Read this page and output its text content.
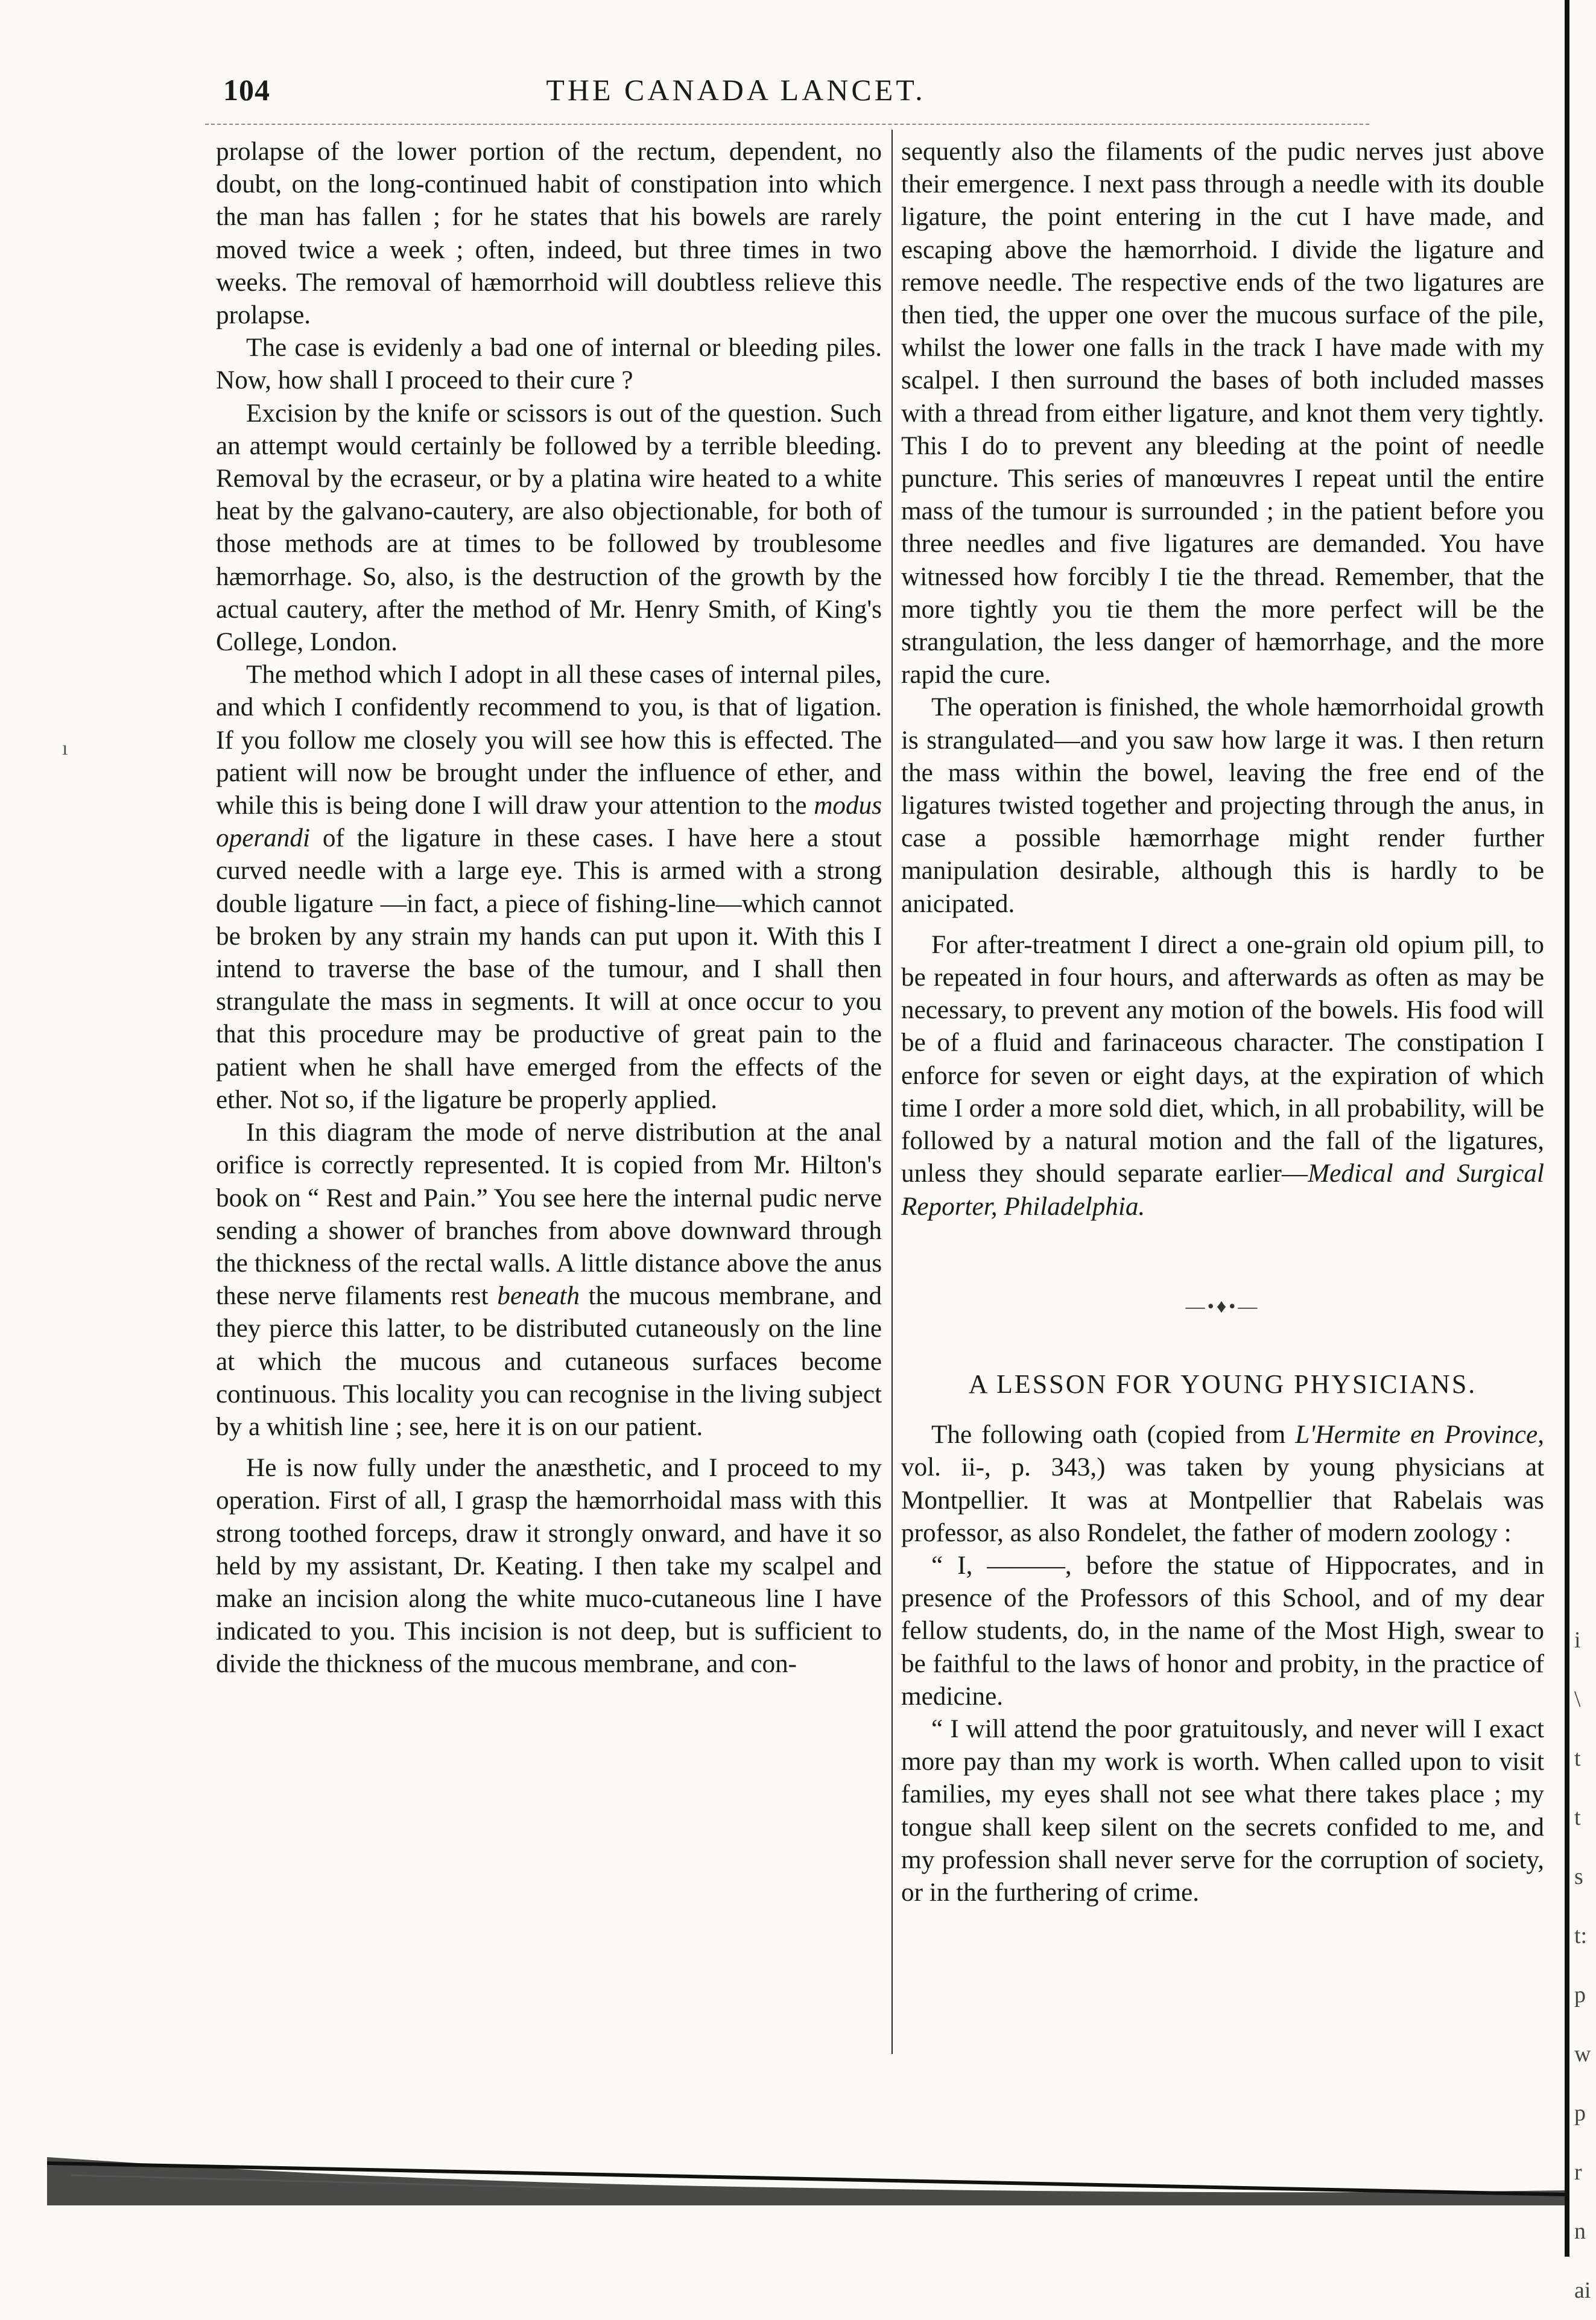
104	THE CANADA LANCET.

prolapse of the lower portion of the rectum, dependent, no doubt, on the long-continued habit of constipation into which the man has fallen ; for he states that his bowels are rarely moved twice a week ; often, indeed, but three times in two weeks. The removal of hæmorrhoid will doubtless relieve this prolapse.

The case is evidenly a bad one of internal or bleeding piles. Now, how shall I proceed to their cure ?

Excision by the knife or scissors is out of the question. Such an attempt would certainly be followed by a terrible bleeding. Removal by the ecraseur, or by a platina wire heated to a white heat by the galvano-cautery, are also objectionable, for both of those methods are at times to be followed by troublesome hæmorrhage. So, also, is the destruction of the growth by the actual cautery, after the method of Mr. Henry Smith, of King's College, London.

The method which I adopt in all these cases of internal piles, and which I confidently recommend to you, is that of ligation. If you follow me closely you will see how this is effected. The patient will now be brought under the influence of ether, and while this is being done I will draw your attention to the modus operandi of the ligature in these cases. I have here a stout curved needle with a large eye. This is armed with a strong double ligature —in fact, a piece of fishing-line—which cannot be broken by any strain my hands can put upon it. With this I intend to traverse the base of the tumour, and I shall then strangulate the mass in segments. It will at once occur to you that this procedure may be productive of great pain to the patient when he shall have emerged from the effects of the ether. Not so, if the ligature be properly applied.

In this diagram the mode of nerve distribution at the anal orifice is correctly represented. It is copied from Mr. Hilton's book on “ Rest and Pain.” You see here the internal pudic nerve sending a shower of branches from above downward through the thickness of the rectal walls. A little distance above the anus these nerve filaments rest beneath the mucous membrane, and they pierce this latter, to be distributed cutaneously on the line at which the mucous and cutaneous surfaces become continuous. This locality you can recognise in the living subject by a whitish line ; see, here it is on our patient.

He is now fully under the anæsthetic, and I proceed to my operation. First of all, I grasp the hæmorrhoidal mass with this strong toothed forceps, draw it strongly onward, and have it so held by my assistant, Dr. Keating. I then take my scalpel and make an incision along the white muco-cutaneous line I have indicated to you. This incision is not deep, but is sufficient to divide the thickness of the mucous membrane, and con-

sequently also the filaments of the pudic nerves just above their emergence. I next pass through a needle with its double ligature, the point entering in the cut I have made, and escaping above the hæmorrhoid. I divide the ligature and remove needle. The respective ends of the two ligatures are then tied, the upper one over the mucous surface of the pile, whilst the lower one falls in the track I have made with my scalpel. I then surround the bases of both included masses with a thread from either ligature, and knot them very tightly. This I do to prevent any bleeding at the point of needle puncture. This series of manœuvres I repeat until the entire mass of the tumour is surrounded ; in the patient before you three needles and five ligatures are demanded. You have witnessed how forcibly I tie the thread. Remember, that the more tightly you tie them the more perfect will be the strangulation, the less danger of hæmorrhage, and the more rapid the cure.

The operation is finished, the whole hæmorrhoidal growth is strangulated—and you saw how large it was. I then return the mass within the bowel, leaving the free end of the ligatures twisted together and projecting through the anus, in case a possible hæmorrhage might render further manipulation desirable, although this is hardly to be anicipated.

For after-treatment I direct a one-grain old opium pill, to be repeated in four hours, and afterwards as often as may be necessary, to prevent any motion of the bowels. His food will be of a fluid and farinaceous character. The constipation I enforce for seven or eight days, at the expiration of which time I order a more sold diet, which, in all probability, will be followed by a natural motion and the fall of the ligatures, unless they should separate earlier—Medical and Surgical Reporter, Philadelphia.

—•♦•—
A LESSON FOR YOUNG PHYSICIANS.

The following oath (copied from L'Hermite en Province, vol. ii-, p. 343,) was taken by young physicians at Montpellier. It was at Montpellier that Rabelais was professor, as also Rondelet, the father of modern zoology :

“ I, ———, before the statue of Hippocrates, and in presence of the Professors of this School, and of my dear fellow students, do, in the name of the Most High, swear to be faithful to the laws of honor and probity, in the practice of medicine.

“ I will attend the poor gratuitously, and never will I exact more pay than my work is worth. When called upon to visit families, my eyes shall not see what there takes place ; my tongue shall keep silent on the secrets confided to me, and my profession shall never serve for the corruption of society, or in the furthering of crime.

ı
i
\
t
t
s
t:
p
w
p
r
n
ai
